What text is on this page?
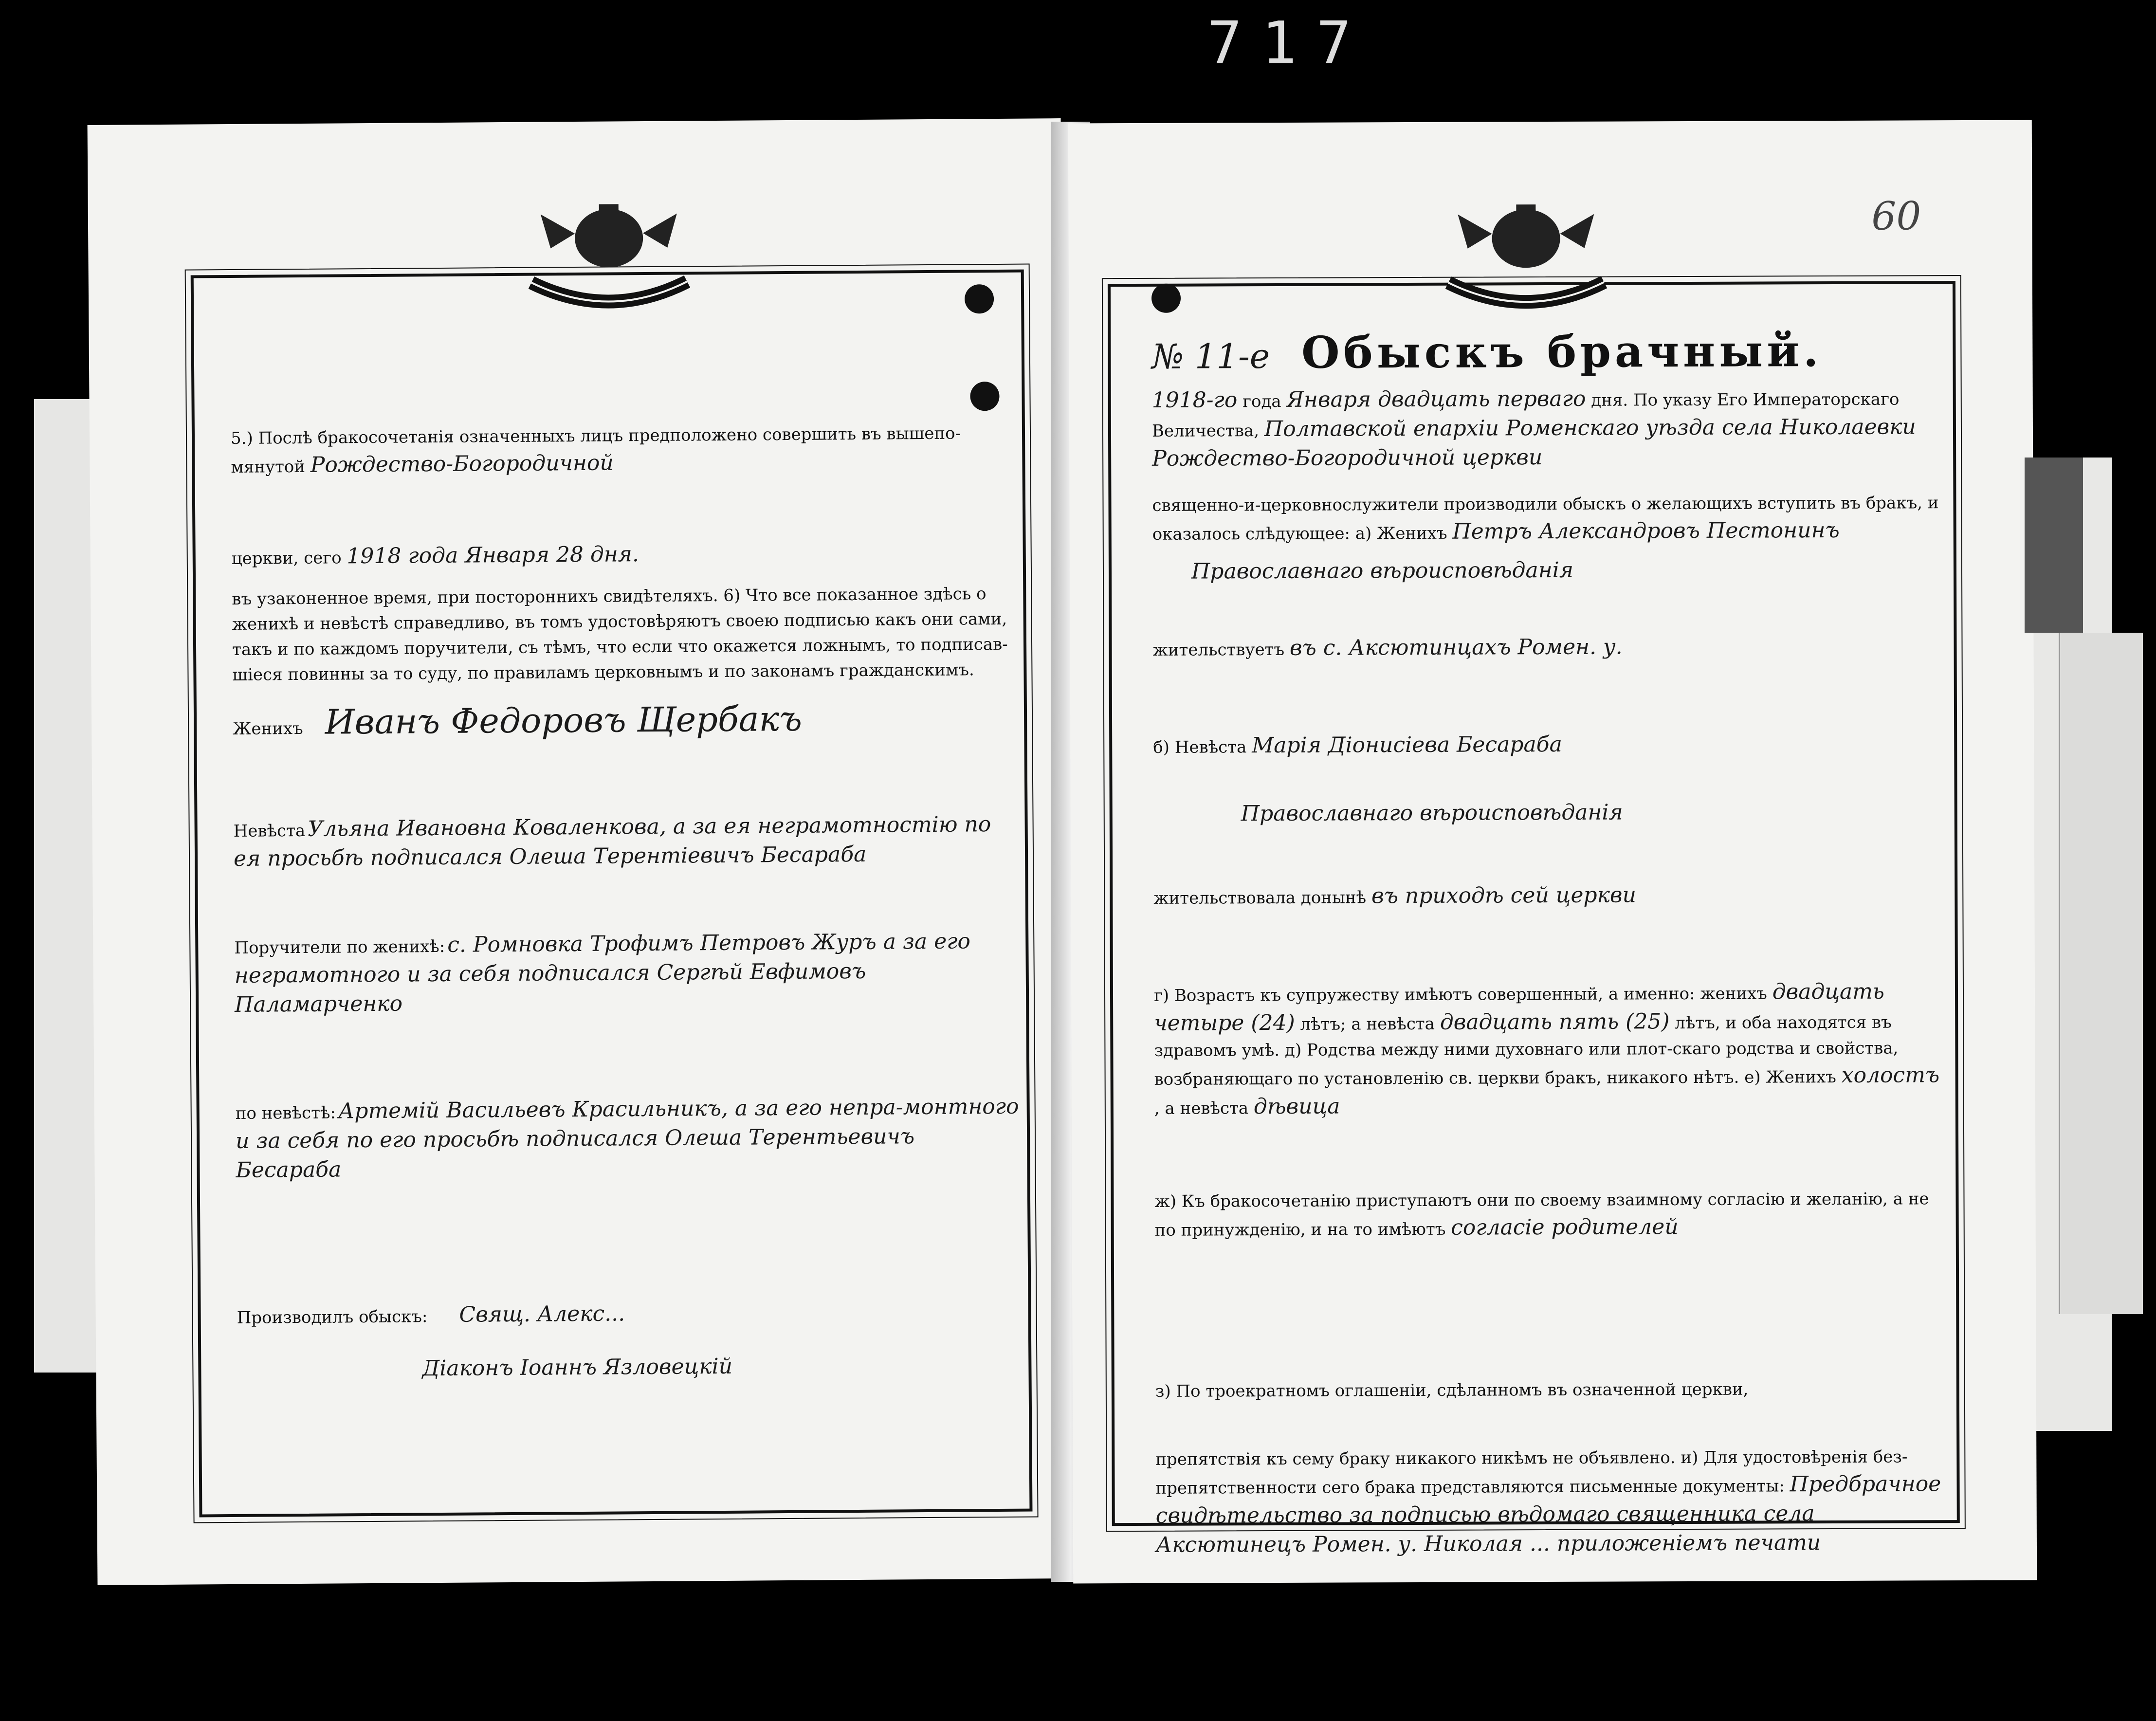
717
5.) Послѣ бракосочетанія означенныхъ лицъ предположено совершить въ вышепо-мянутой Рождество-Богородичной
церкви, сего 1918 года Января 28 дня.
въ узаконенное время, при постороннихъ свидѣтеляхъ. 6) Что все показанное здѣсь о женихѣ и невѣстѣ справедливо, въ томъ удостовѣряютъ своею подписью какъ они сами, такъ и по каждомъ поручители, съ тѣмъ, что если что окажется ложнымъ, то подписав-шіеся повинны за то суду, по правиламъ церковнымъ и по законамъ гражданскимъ.
Женихъ Иванъ Федоровъ Щербакъ
Невѣста Ульяна Ивановна Коваленкова, а за ея неграмотностію по ея просьбѣ подписался Олеша Терентіевичъ Бесараба
Поручители по женихѣ: с. Ромновка Трофимъ Петровъ Журъ а за его неграмотного и за себя подписался Сергѣй Евфимовъ Паламарченко
по невѣстѣ: Артемій Васильевъ Красильникъ, а за его непра-монтного и за себя по его просьбѣ подписался Олеша Терентьевичъ Бесараба
Производилъ обыскъ: Свящ. Алекс...
Діаконъ Іоаннъ Язловецкій
60
№ 11-е Обыскъ брачный.
1918-го года Января двадцать перваго дня. По указу Его Императорскаго Величества, Полтавской епархіи Роменскаго уѣзда села Николаевки Рождество-Богородичной церкви
священно-и-церковнослужители производили обыскъ о желающихъ вступить въ бракъ, и оказалось слѣдующее: а) Женихъ Петръ Александровъ Пестонинъ
Православнаго вѣроисповѣданія
жительствуетъ въ с. Аксютинцахъ Ромен. у.
б) Невѣста Марія Діонисіева Бесараба
Православнаго вѣроисповѣданія
жительствовала донынѣ въ приходѣ сей церкви
г) Возрастъ къ супружеству имѣютъ совершенный, а именно: женихъ двадцать четыре (24) лѣтъ; а невѣста двадцать пять (25) лѣтъ, и оба находятся въ здравомъ умѣ. д) Родства между ними духовнаго или плот-скаго родства и свойства, возбраняющаго по установленію св. церкви бракъ, никакого нѣтъ. е) Женихъ холостъ , а невѣста дѣвица
ж) Къ бракосочетанію приступаютъ они по своему взаимному согласію и желанію, а не по принужденію, и на то имѣютъ согласіе родителей
з) По троекратномъ оглашеніи, сдѣланномъ въ означенной церкви,
препятствія къ сему браку никакого никѣмъ не объявлено. и) Для удостовѣренія без-препятственности сего брака представляются письменные документы: Предбрачное свидѣтельство за подписью вѣдомаго священника села Аксютинецъ Ромен. у. Николая ... приложеніемъ печати
